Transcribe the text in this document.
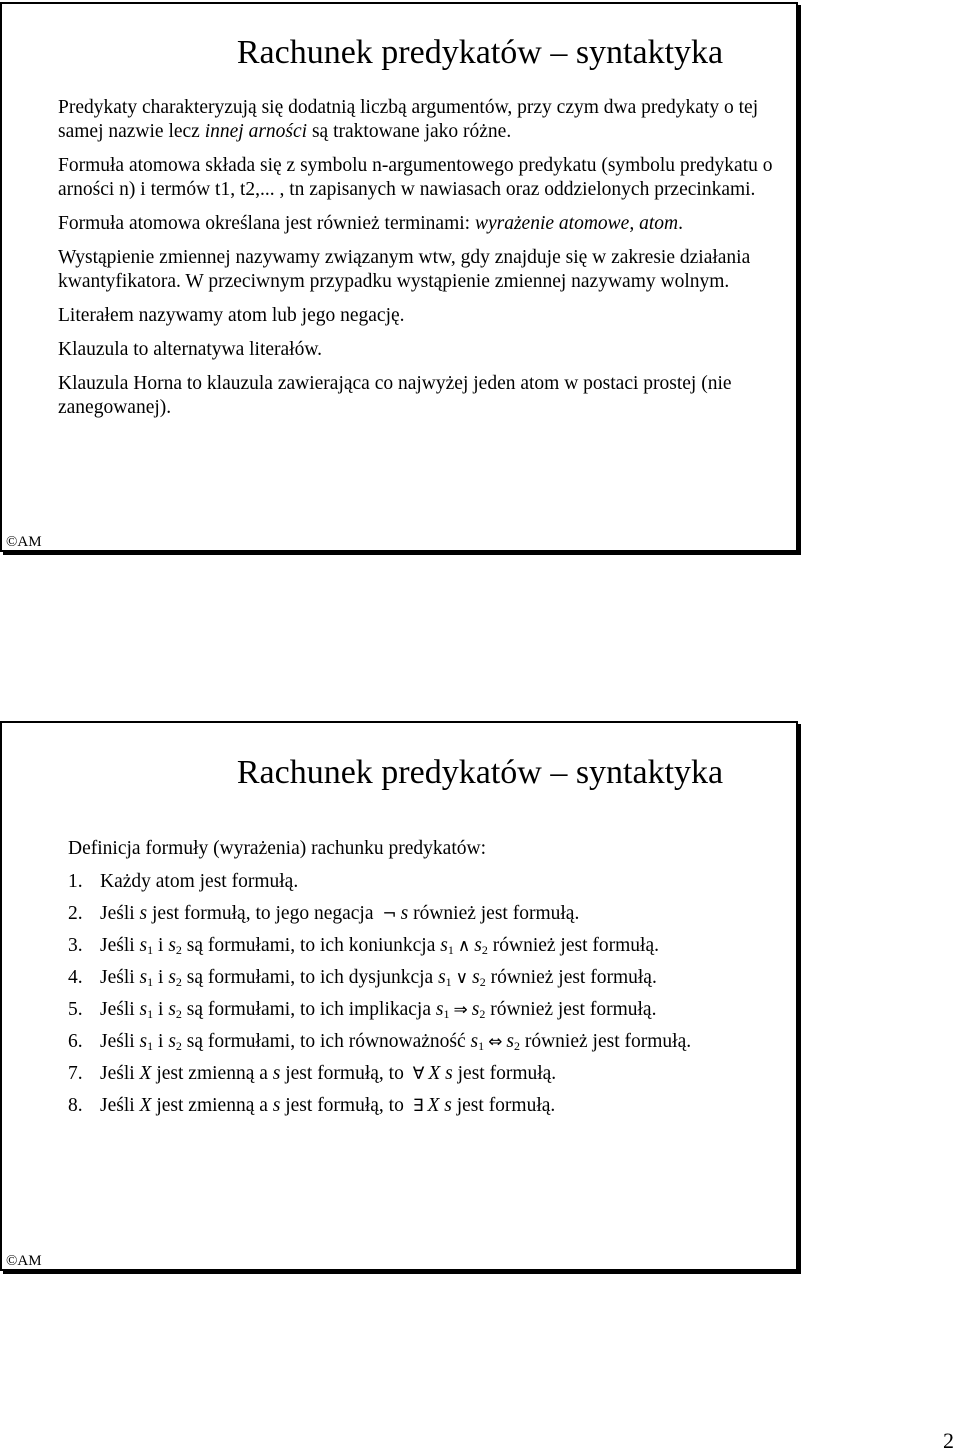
Rachunek predykatów – syntaktyka

Predykaty charakteryzują się dodatnią liczbą argumentów, przy czym dwa predykaty o tej samej nazwie lecz innej arności są traktowane jako różne.

Formuła atomowa składa się z symbolu n-argumentowego predykatu (symbolu predykatu o arności n) i termów t1, t2,... , tn zapisanych w nawiasach oraz oddzielonych przecinkami.

Formuła atomowa określana jest również terminami: wyrażenie atomowe, atom.

Wystąpienie zmiennej nazywamy związanym wtw, gdy znajduje się w zakresie działania kwantyfikatora. W przeciwnym przypadku wystąpienie zmiennej nazywamy wolnym.

Literałem nazywamy atom lub jego negację.

Klauzula to alternatywa literałów.

Klauzula Horna to klauzula zawierająca co najwyżej jeden atom w postaci prostej (nie zanegowanej).

©AM
Rachunek predykatów – syntaktyka
Definicja formuły (wyrażenia) rachunku predykatów:
1. Każdy atom jest formułą.
2. Jeśli s jest formułą, to jego negacja ¬ s również jest formułą.
3. Jeśli $s_1$ i $s_2$ są formułami, to ich koniunkcja $s_1$ ∧ $s_2$ również jest formułą.
4. Jeśli $s_1$ i $s_2$ są formułami, to ich dysjunkcja $s_1$ ∨ $s_2$ również jest formułą.
5. Jeśli $s_1$ i $s_2$ są formułami, to ich implikacja $s_1$ ⇒ $s_2$ również jest formułą.
6. Jeśli $s_1$ i $s_2$ są formułami, to ich równoważność $s_1$ ⇔ $s_2$ również jest formułą.
7. Jeśli X jest zmienną a s jest formułą, to ∀ X s jest formułą.
8. Jeśli X jest zmienną a s jest formułą, to ∃ X s jest formułą.
©AM
2
